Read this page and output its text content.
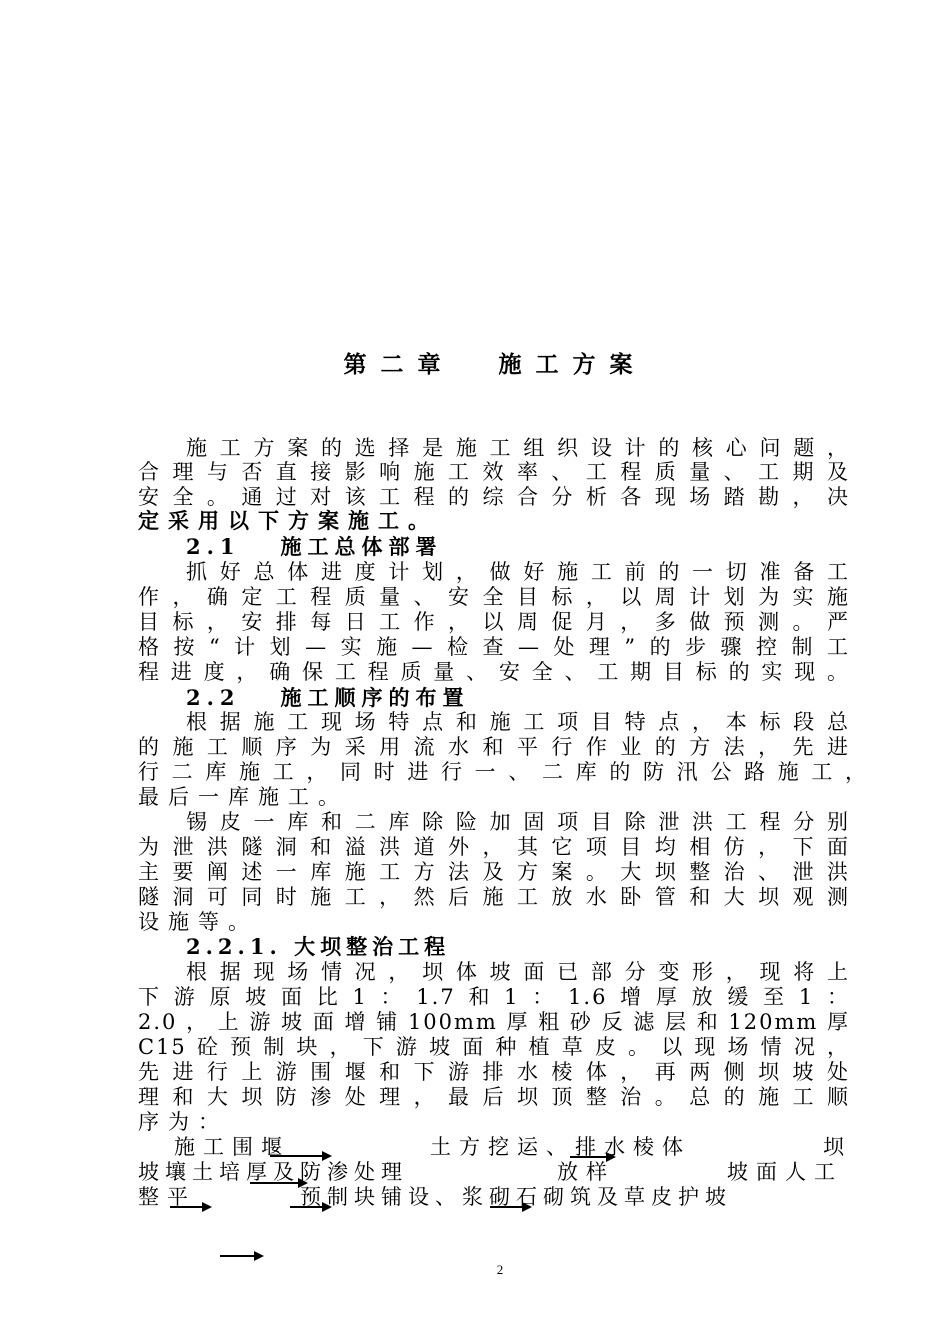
第二章  施工方案
施工方案的选择是施工组织设计的核心问题，
合理与否直接影响施工效率、工程质量、工期及
安全。通过对该工程的综合分析各现场踏勘，决
定采用以下方案施工。
2.1   施工总体部署
抓好总体进度计划，做好施工前的一切准备工
作，确定工程质量、安全目标，以周计划为实施
目标，安排每日工作，以周促月，多做预测。严
格按“计划—实施—检查—处理”的步骤控制工
程进度，确保工程质量、安全、工期目标的实现。
2.2   施工顺序的布置
根据施工现场特点和施工项目特点，本标段总
的施工顺序为采用流水和平行作业的方法，先进
行二库施工，同时进行一、二库的防汛公路施工，
最后一库施工。
锡皮一库和二库除险加固项目除泄洪工程分别
为泄洪隧洞和溢洪道外，其它项目均相仿，下面
主要阐述一库施工方法及方案。大坝整治、泄洪
隧洞可同时施工，然后施工放水卧管和大坝观测
设施等。
2.2.1. 大坝整治工程
根据现场情况，坝体坡面已部分变形，现将上
下游原坡面比1：1.7和1：1.6增厚放缓至1：
2.0，上游坡面增铺100mm厚粗砂反滤层和120mm厚
C15砼预制块，下游坡面种植草皮。以现场情况，
先进行上游围堰和下游排水棱体，再两侧坝坡处
理和大坝防渗处理，最后坝顶整治。总的施工顺
序为：
施工围堰	土方挖运、排水棱体	坝
坡壤土培厚及防渗处理	放样	坡面人工
整平	预制块铺设、浆砌石砌筑及草皮护坡
2
